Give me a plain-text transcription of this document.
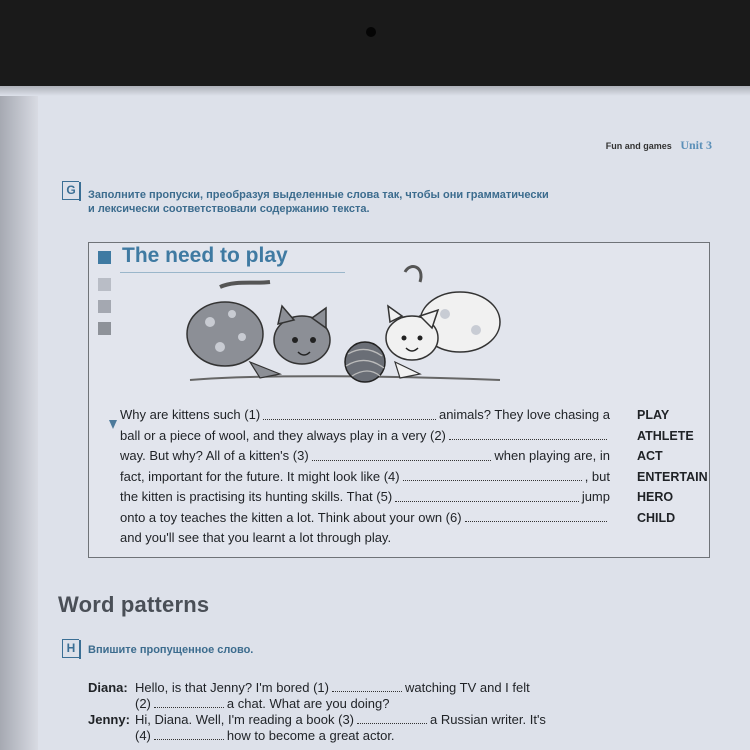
Fun and games Unit 3
G	Заполните пропуски, преобразуя выделенные слова так, чтобы они грамматически
и лексически соответствовали содержанию текста.
The need to play
Why are kittens such (1)	animals? They love chasing a
ball or a piece of wool, and they always play in a very (2)
way. But why? All of a kitten's (3)	when playing are, in
fact, important for the future. It might look like (4)	, but
the kitten is practising its hunting skills. That (5)	jump
onto a toy teaches the kitten a lot. Think about your own (6)
and you'll see that you learnt a lot through play.
PLAY
ATHLETE
ACT
ENTERTAIN
HERO
CHILD
Word patterns
H	Впишите пропущенное слово.
Diana: Hello, is that Jenny? I'm bored (1)	watching TV and I felt
(2)	a chat. What are you doing?
Jenny: Hi, Diana. Well, I'm reading a book (3)	a Russian writer. It's
(4)	how to become a great actor.
